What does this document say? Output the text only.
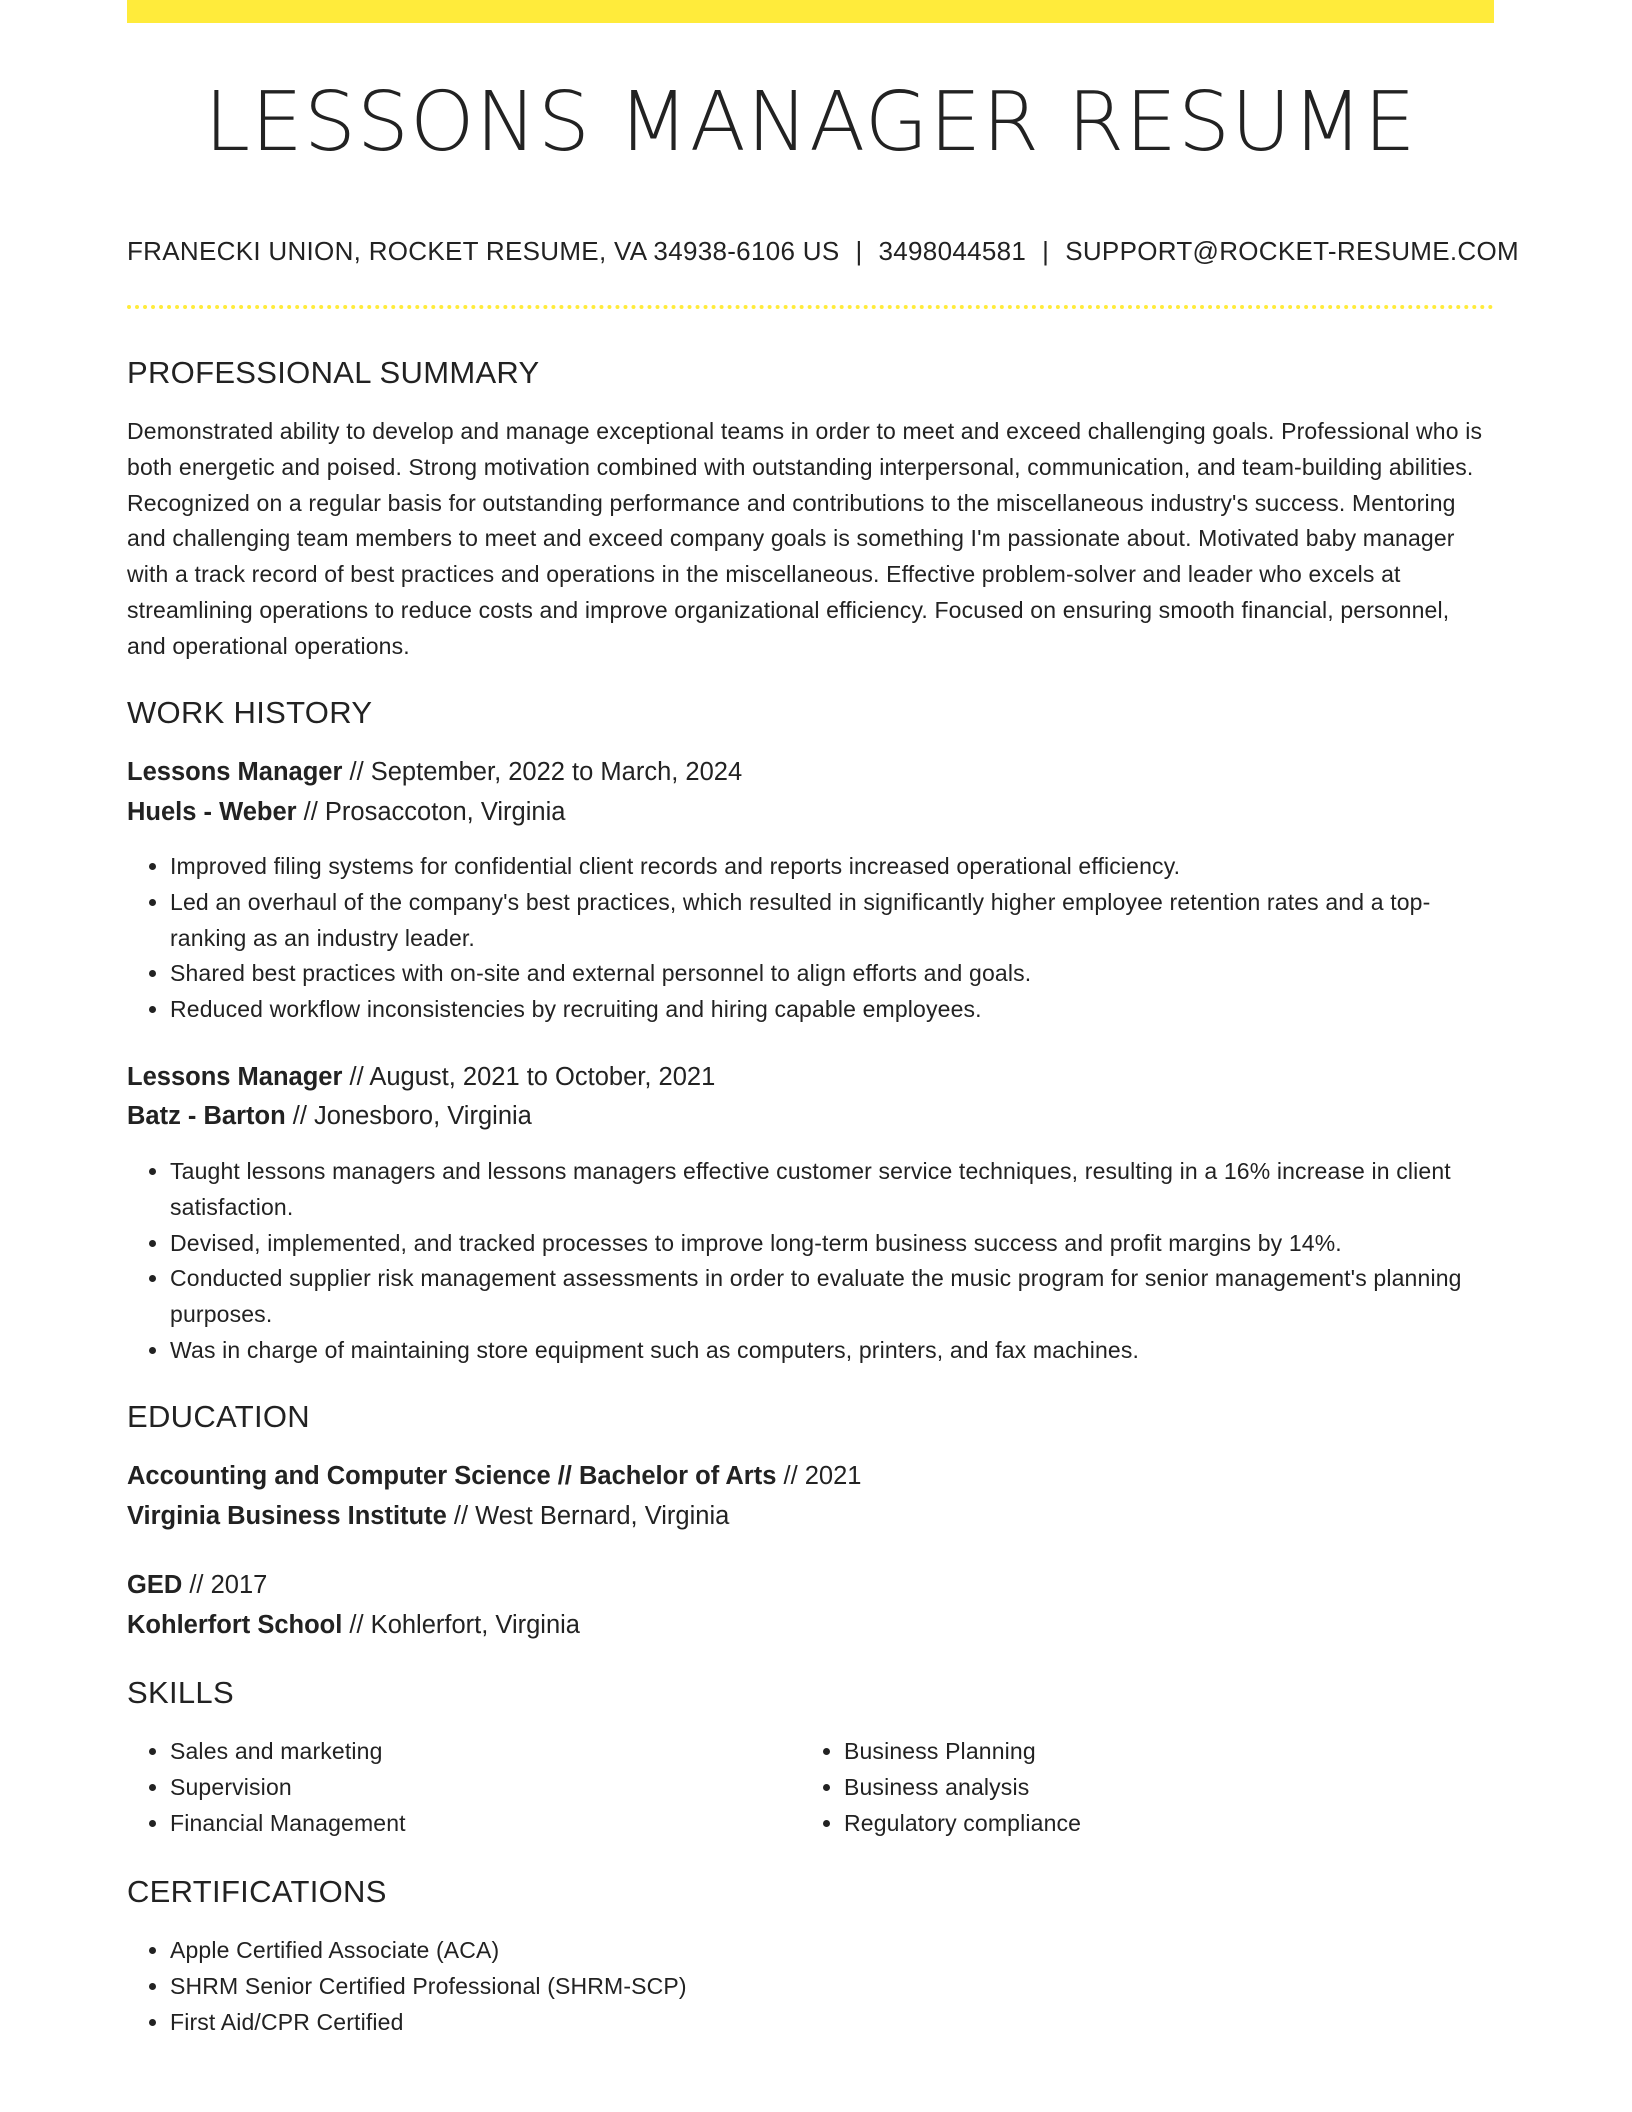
LESSONS MANAGER RESUME
FRANECKI UNION, ROCKET RESUME, VA 34938-6106 US | 3498044581 | SUPPORT@ROCKET-RESUME.COM
PROFESSIONAL SUMMARY
Demonstrated ability to develop and manage exceptional teams in order to meet and exceed challenging goals. Professional who is both energetic and poised. Strong motivation combined with outstanding interpersonal, communication, and team-building abilities. Recognized on a regular basis for outstanding performance and contributions to the miscellaneous industry's success. Mentoring and challenging team members to meet and exceed company goals is something I'm passionate about. Motivated baby manager with a track record of best practices and operations in the miscellaneous. Effective problem-solver and leader who excels at streamlining operations to reduce costs and improve organizational efficiency. Focused on ensuring smooth financial, personnel, and operational operations.
WORK HISTORY
Lessons Manager // September, 2022 to March, 2024
Huels - Weber // Prosaccoton, Virginia
• Improved filing systems for confidential client records and reports increased operational efficiency.
• Led an overhaul of the company's best practices, which resulted in significantly higher employee retention rates and a top-ranking as an industry leader.
• Shared best practices with on-site and external personnel to align efforts and goals.
• Reduced workflow inconsistencies by recruiting and hiring capable employees.
Lessons Manager // August, 2021 to October, 2021
Batz - Barton // Jonesboro, Virginia
• Taught lessons managers and lessons managers effective customer service techniques, resulting in a 16% increase in client satisfaction.
• Devised, implemented, and tracked processes to improve long-term business success and profit margins by 14%.
• Conducted supplier risk management assessments in order to evaluate the music program for senior management's planning purposes.
• Was in charge of maintaining store equipment such as computers, printers, and fax machines.
EDUCATION
Accounting and Computer Science // Bachelor of Arts // 2021
Virginia Business Institute // West Bernard, Virginia
GED // 2017
Kohlerfort School // Kohlerfort, Virginia
SKILLS
• Sales and marketing
• Supervision
• Financial Management
• Business Planning
• Business analysis
• Regulatory compliance
CERTIFICATIONS
• Apple Certified Associate (ACA)
• SHRM Senior Certified Professional (SHRM-SCP)
• First Aid/CPR Certified
